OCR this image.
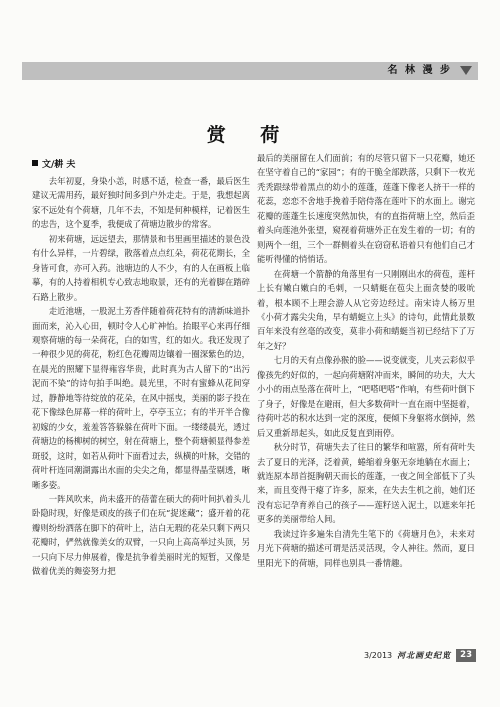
名 林 漫 步
赏 荷
文/耕 夫

去年初夏，身染小恙，时感不适，检查一番，最后医生建议无需用药，最好独时间多到户外走走。于是，我想起离家不远处有个荷塘，几年不去，不知是何种模样，记着医生的忠告，这个夏季，我便成了荷塘边散步的常客。

初来荷塘，远远望去，那情景和书里画里描述的景色没有什么异样，一片碧绿，散落着点点红朵，荷花花期长，全身皆可食，亦可入药。池塘边的人不少，有的人在画板上临摹，有的人持着相机专心致志地取景，还有的光着脚在踏碎石路上散步。

走近池塘，一股泥土芳香伴随着荷花特有的清新味道扑面而来，沁入心田，顿时令人心旷神怡。抬眼平心来再仔细观察荷塘的每一朵荷花，白的如雪，红的如火。我还发现了一种很少见的荷花，粉红色花瓣周边镶着一圈深紫色的边，在晨光的照耀下显得雍容华贵，此时真为古人留下的“出污泥而不染”的诗句拍手叫绝。晨光里，不时有蜜蜂从花间穿过，静静地等待绽放的花朵，在风中摇曳，美丽的影子投在花下像绿色屏幕一样的荷叶上，亭亭玉立；有的半开半合像初嫁的少女，羞羞答答躲躲在荷叶下面。一缕缕晨光，透过荷塘边的杨柳树的树空，射在荷塘上，整个荷塘顿显得参差斑驳，这时，如若从荷叶下面看过去，纵横的叶脉，交错的荷叶杆连同潮湖露出水面的尖尖之角，都显得晶莹剔透，晰晰多姿。

一阵风吹来，尚未盛开的蓓蕾在硕大的荷叶间扒着头儿卧隐时现，好像是顽皮的孩子们在玩“捉迷藏”；盛开着的花瓣则纷纷洒落在脚下的荷叶上，洁白无瑕的花朵只剩下两只花瓣时，俨然就像美女的双臂，一只向上高高举过头顶，另一只向下尽力伸展着，像是抗争着美丽时光的短暂，又像是做着优美的舞姿努力把

最后的美丽留在人们面前；有的尽管只留下一只花瓣，她还在坚守着自己的“家园”；有的干脆全部跌落，只剩下一枚光秃秃跟绿带着黑点的幼小的莲蓬，莲蓬下像老人挤干一样的花蕊，恋恋不舍地手挽着手陪侍落在莲叶下的水面上。谢完花瓣的莲蓬生长速度突然加快，有的直指荷塘上空，然后歪着头向莲池外张望，窥视着荷塘外正在发生着的一切；有的则两个一组，三个一群侧着头在窃窃私语着只有他们自己才能听得懂的悄悄话。

在荷塘一个箭静的角落里有一只刚刚出水的荷苞，莲杆上长有嫩白嫩白的毛刺，一只蜻蜓在苞尖上面贪婪的吸吮着，根本顾不上理会游人从它旁边经过。南宋诗人杨万里《小荷才露尖尖角，早有蜻蜓立上头》的诗句，此情此景数百年来没有丝毫的改变，莫非小荷和蜻蜓当初已经结下了万年之好？

七月的天有点像孙猴的脸——说变就变，儿夹云彩似乎像孩先约好似的，一起向荷塘附冲而来，瞬间的功夫，大大小小的雨点坠落在荷叶上，“吧嗒吧嗒”作响，有些荷叶倒下了身子，好像是在避雨，但大多数荷叶一直在雨中坚挺着，待荷叶芯的积水达到一定的深度，便倾下身躯将水倒掉，然后又重新昂起头，如此反复直到雨停。

秋分时节，荷塘失去了往日的繁华和喧嚣，所有荷叶失去了夏日的光泽，泛着黄，蜷缩着身躯无奈地躺在水面上；就连原本昂首挺胸朝天而长的莲蓬，一夜之间全部低下了头来，而且变得干瘪了许多，原来，在失去生机之前，她们还没有忘记孕育养自己的孩子——莲籽送入泥土，以遮来年托更多的美丽带给人间。

我读过许多遍朱自清先生笔下的《荷塘月色》，未来对月光下荷塘的描述可谓是活灵活现，令人神往。然而，夏日里阳光下的荷塘，同样也别具一番情趣。

3/2013 河北画史纪览	23
